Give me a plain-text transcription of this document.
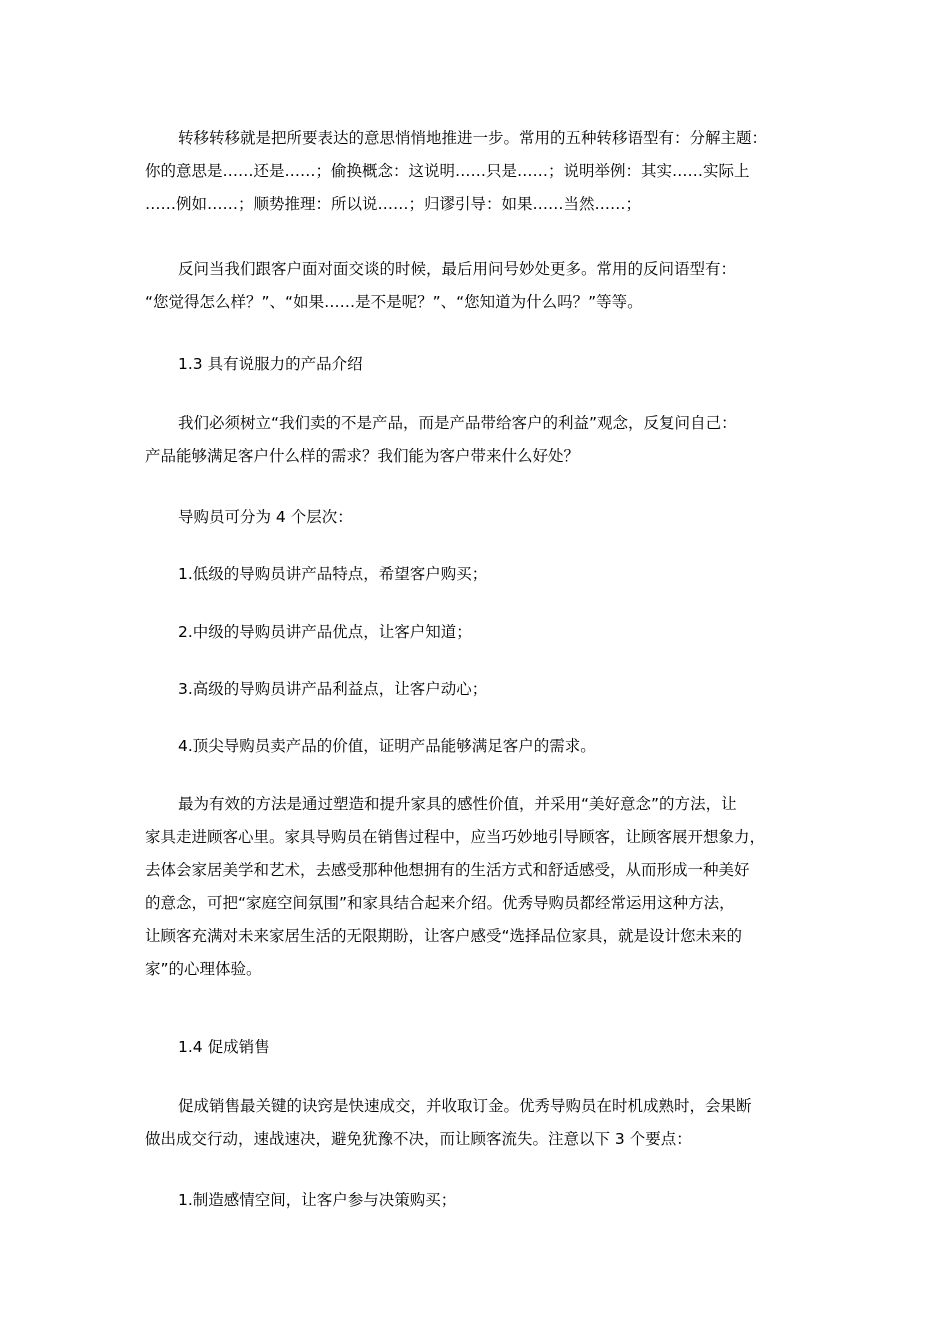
转移转移就是把所要表达的意思悄悄地推进一步。常用的五种转移语型有：分解主题：
你的意思是……还是……；偷换概念：这说明……只是……；说明举例：其实……实际上
……例如……；顺势推理：所以说……；归谬引导：如果……当然……；
反问当我们跟客户面对面交谈的时候，最后用问号妙处更多。常用的反问语型有：
“您觉得怎么样？”、“如果……是不是呢？”、“您知道为什么吗？”等等。
1.3 具有说服力的产品介绍
我们必须树立“我们卖的不是产品，而是产品带给客户的利益”观念，反复问自己：
产品能够满足客户什么样的需求？我们能为客户带来什么好处？
导购员可分为 4 个层次：
1.低级的导购员讲产品特点，希望客户购买；
2.中级的导购员讲产品优点，让客户知道；
3.高级的导购员讲产品利益点，让客户动心；
4.顶尖导购员卖产品的价值，证明产品能够满足客户的需求。
最为有效的方法是通过塑造和提升家具的感性价值，并采用“美好意念”的方法，让
家具走进顾客心里。家具导购员在销售过程中，应当巧妙地引导顾客，让顾客展开想象力，
去体会家居美学和艺术，去感受那种他想拥有的生活方式和舒适感受，从而形成一种美好
的意念，可把“家庭空间氛围”和家具结合起来介绍。优秀导购员都经常运用这种方法，
让顾客充满对未来家居生活的无限期盼，让客户感受“选择品位家具，就是设计您未来的
家”的心理体验。
1.4 促成销售
促成销售最关键的诀窍是快速成交，并收取订金。优秀导购员在时机成熟时，会果断
做出成交行动，速战速决，避免犹豫不决，而让顾客流失。注意以下 3 个要点：
1.制造感情空间，让客户参与决策购买；
